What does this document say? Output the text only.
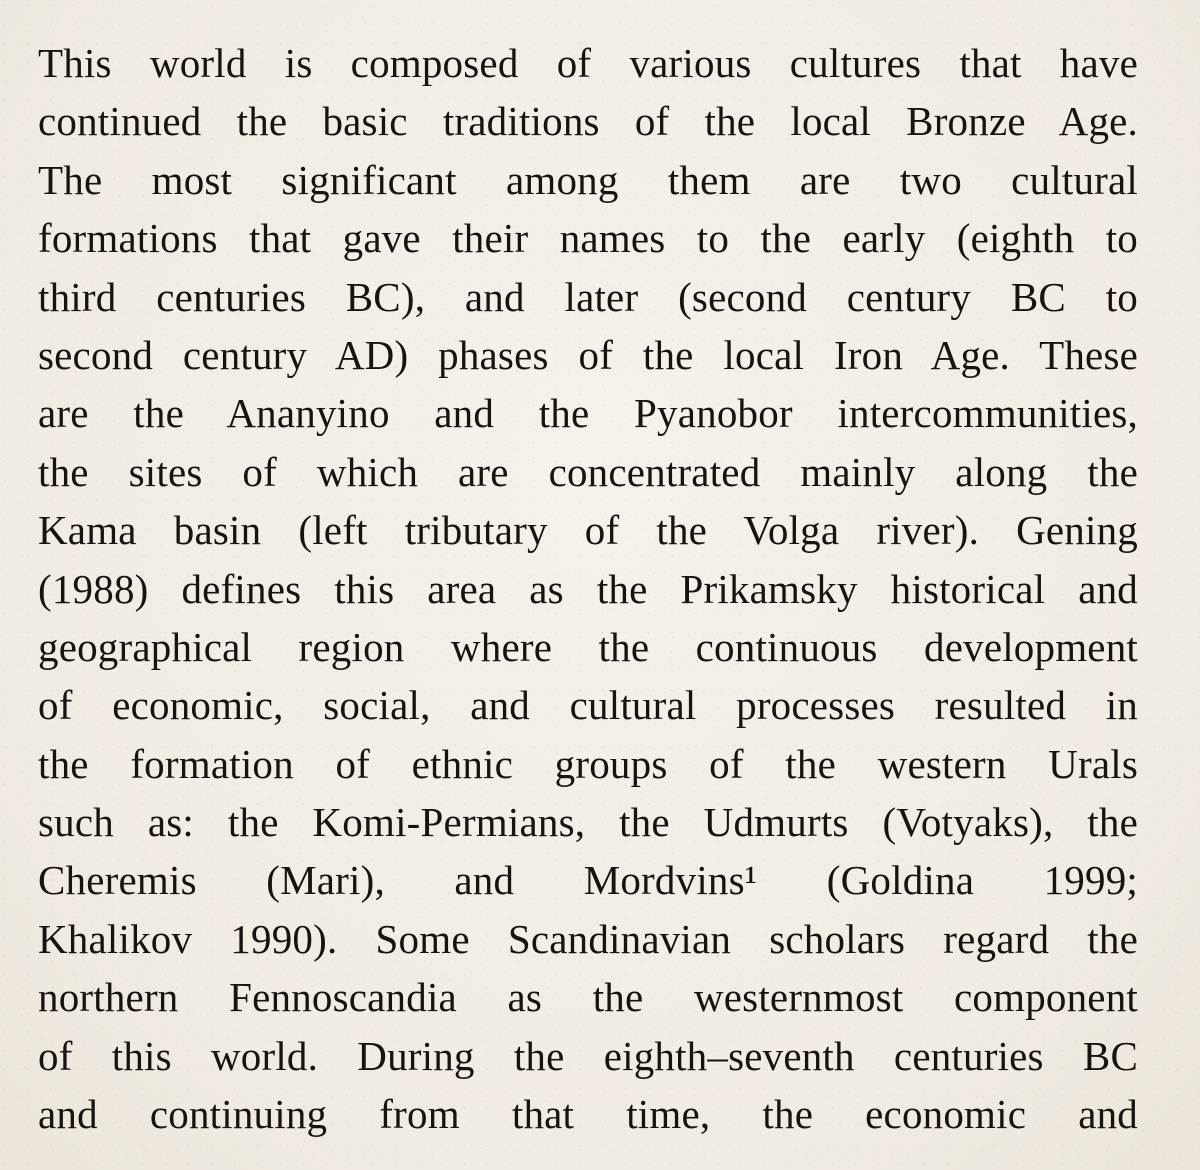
This world is composed of various cultures that have
continued the basic traditions of the local Bronze Age.
The most significant among them are two cultural
formations that gave their names to the early (eighth to
third centuries BC), and later (second century BC to
second century AD) phases of the local Iron Age. These
are the Ananyino and the Pyanobor intercommunities,
the sites of which are concentrated mainly along the
Kama basin (left tributary of the Volga river). Gening
(1988) defines this area as the Prikamsky historical and
geographical region where the continuous development
of economic, social, and cultural processes resulted in
the formation of ethnic groups of the western Urals
such as: the Komi-Permians, the Udmurts (Votyaks), the
Cheremis (Mari), and Mordvins¹ (Goldina 1999;
Khalikov 1990). Some Scandinavian scholars regard the
northern Fennoscandia as the westernmost component
of this world. During the eighth–seventh centuries BC
and continuing from that time, the economic and
